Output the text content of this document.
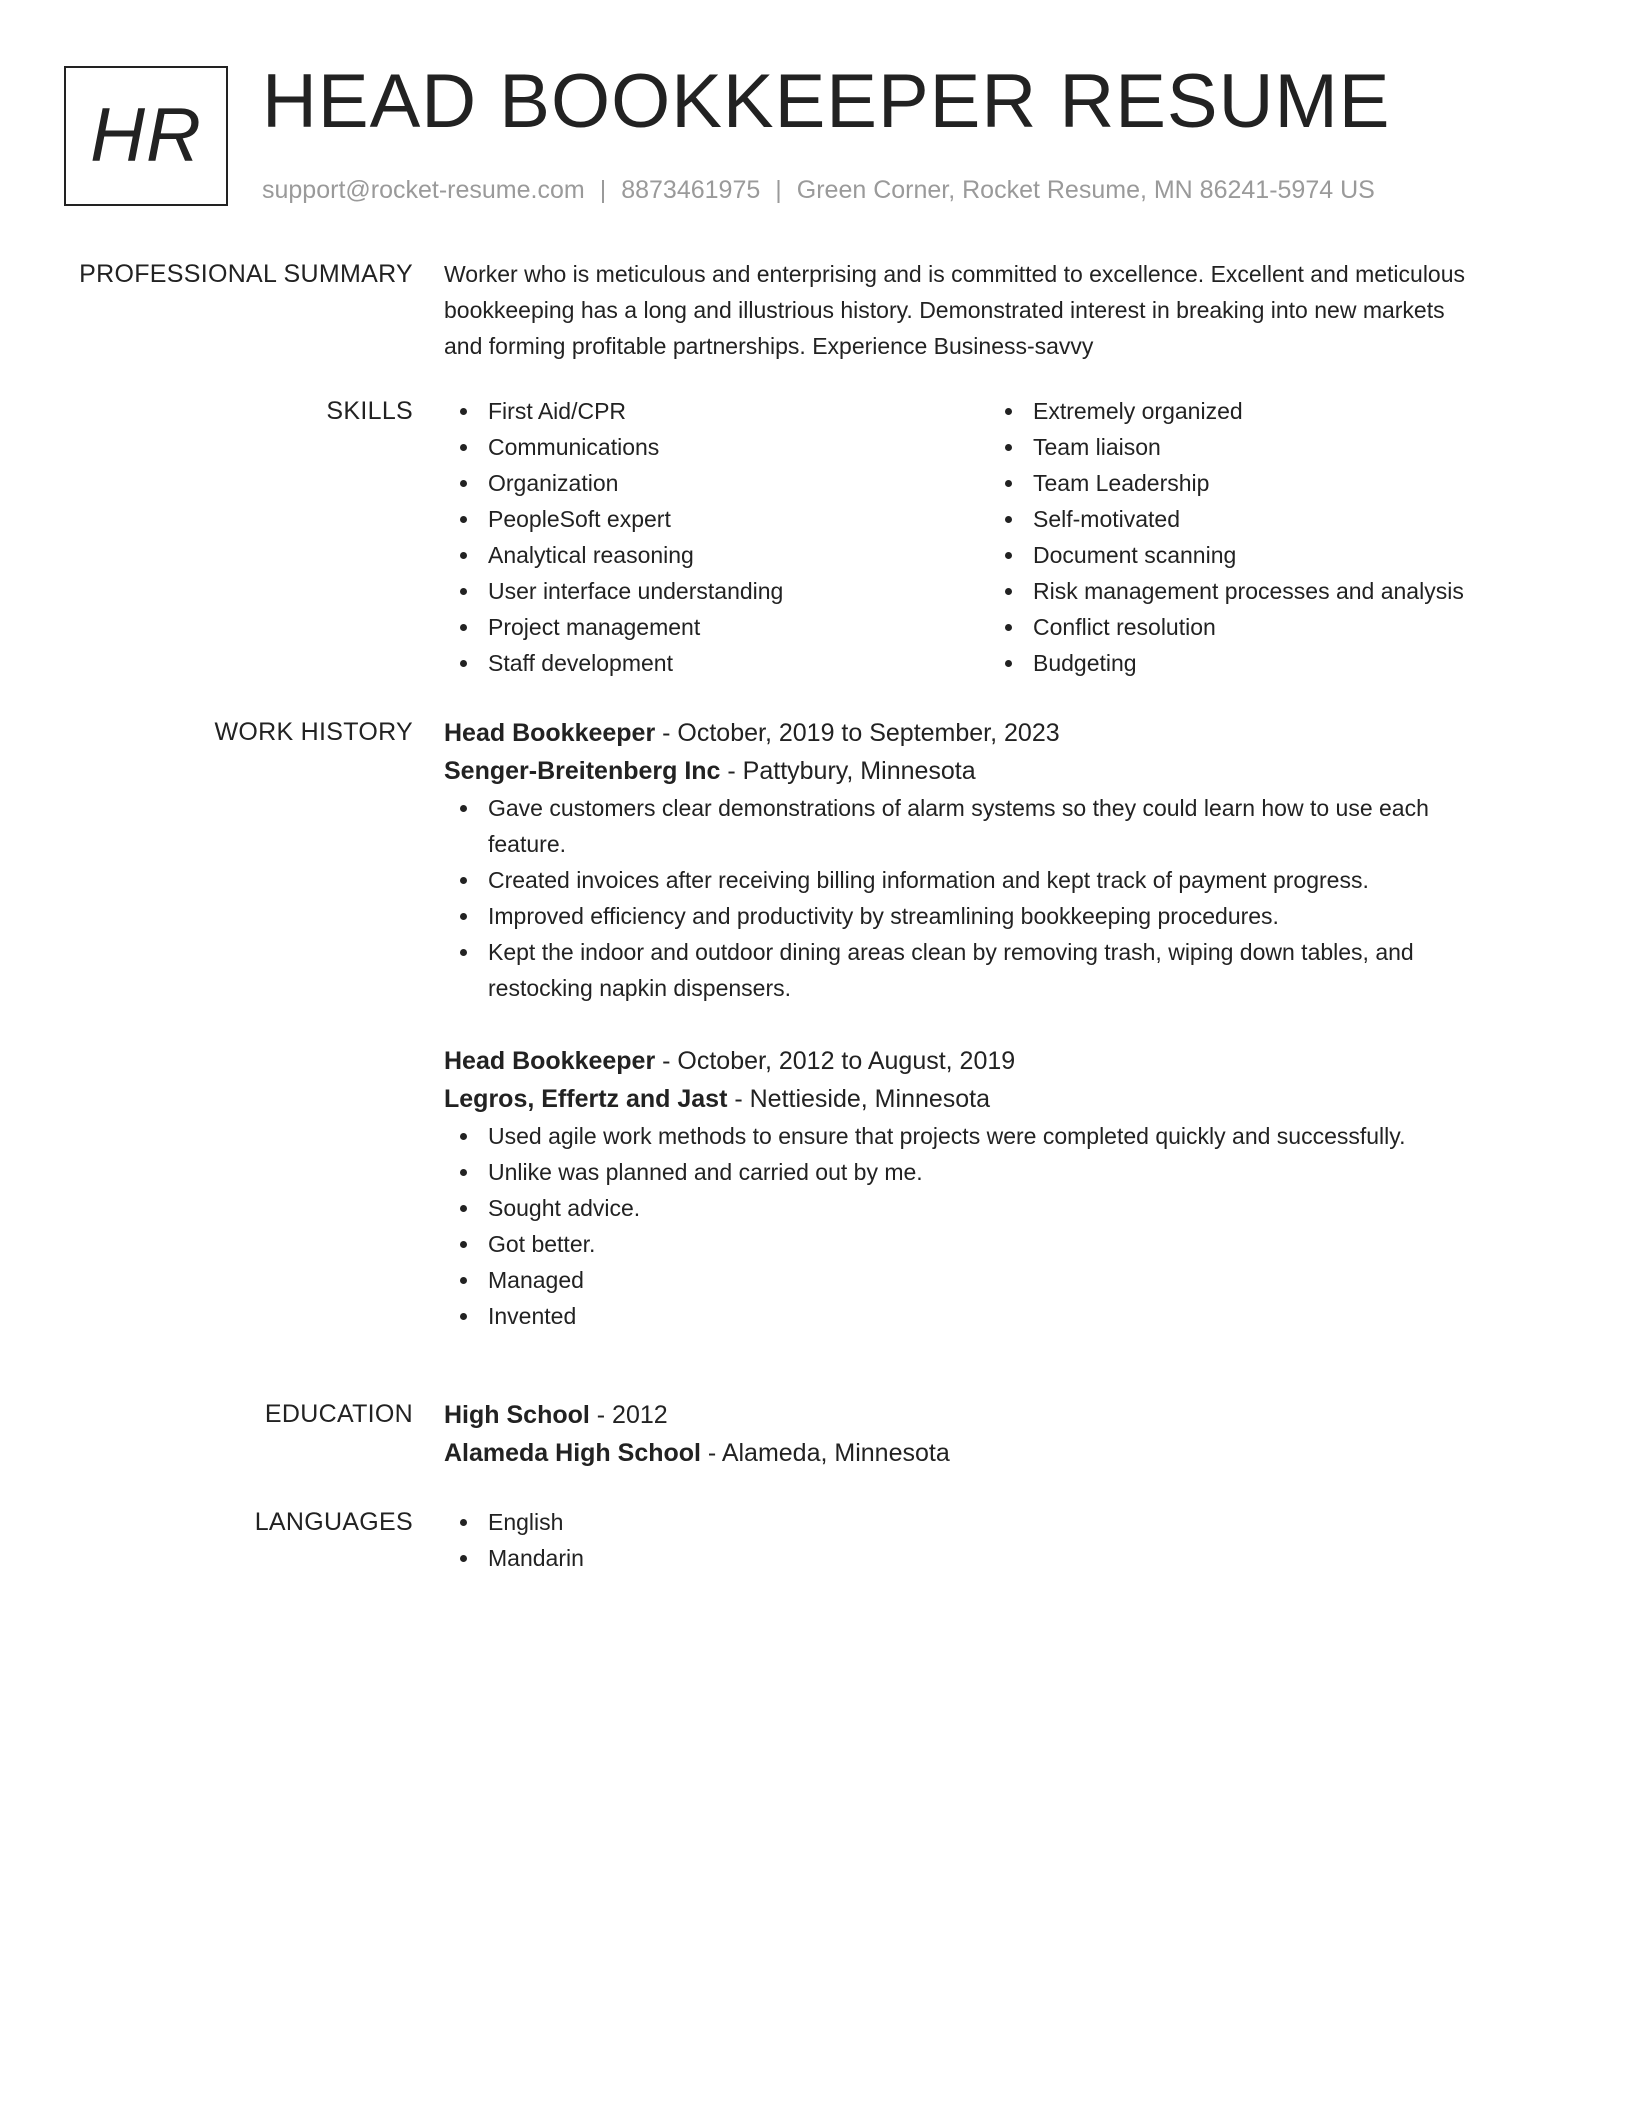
HR HEAD BOOKKEEPER RESUME
support@rocket-resume.com | 8873461975 | Green Corner, Rocket Resume, MN 86241-5974 US
PROFESSIONAL SUMMARY Worker who is meticulous and enterprising and is committed to excellence. Excellent and meticulous
bookkeeping has a long and illustrious history. Demonstrated interest in breaking into new markets
and forming profitable partnerships. Experience Business-savvy
SKILLS	First Aid/CPR
Communications
Organization
PeopleSoft expert
Analytical reasoning
User interface understanding
Project management
Staff development
Extremely organized
Team liaison
Team Leadership
Self-motivated
Document scanning
Risk management processes and analysis
Conflict resolution
Budgeting
WORK HISTORY Head Bookkeeper - October, 2019 to September, 2023
Senger-Breitenberg Inc - Pattybury, Minnesota
Gave customers clear demonstrations of alarm systems so they could learn how to use each
feature.
Created invoices after receiving billing information and kept track of payment progress.
Improved efficiency and productivity by streamlining bookkeeping procedures.
Kept the indoor and outdoor dining areas clean by removing trash, wiping down tables, and
restocking napkin dispensers.
Head Bookkeeper - October, 2012 to August, 2019
Legros, Effertz and Jast - Nettieside, Minnesota
Used agile work methods to ensure that projects were completed quickly and successfully.
Unlike was planned and carried out by me.
Sought advice.
Got better.
Managed
Invented
EDUCATION High School - 2012
Alameda High School - Alameda, Minnesota
LANGUAGES	English
Mandarin
